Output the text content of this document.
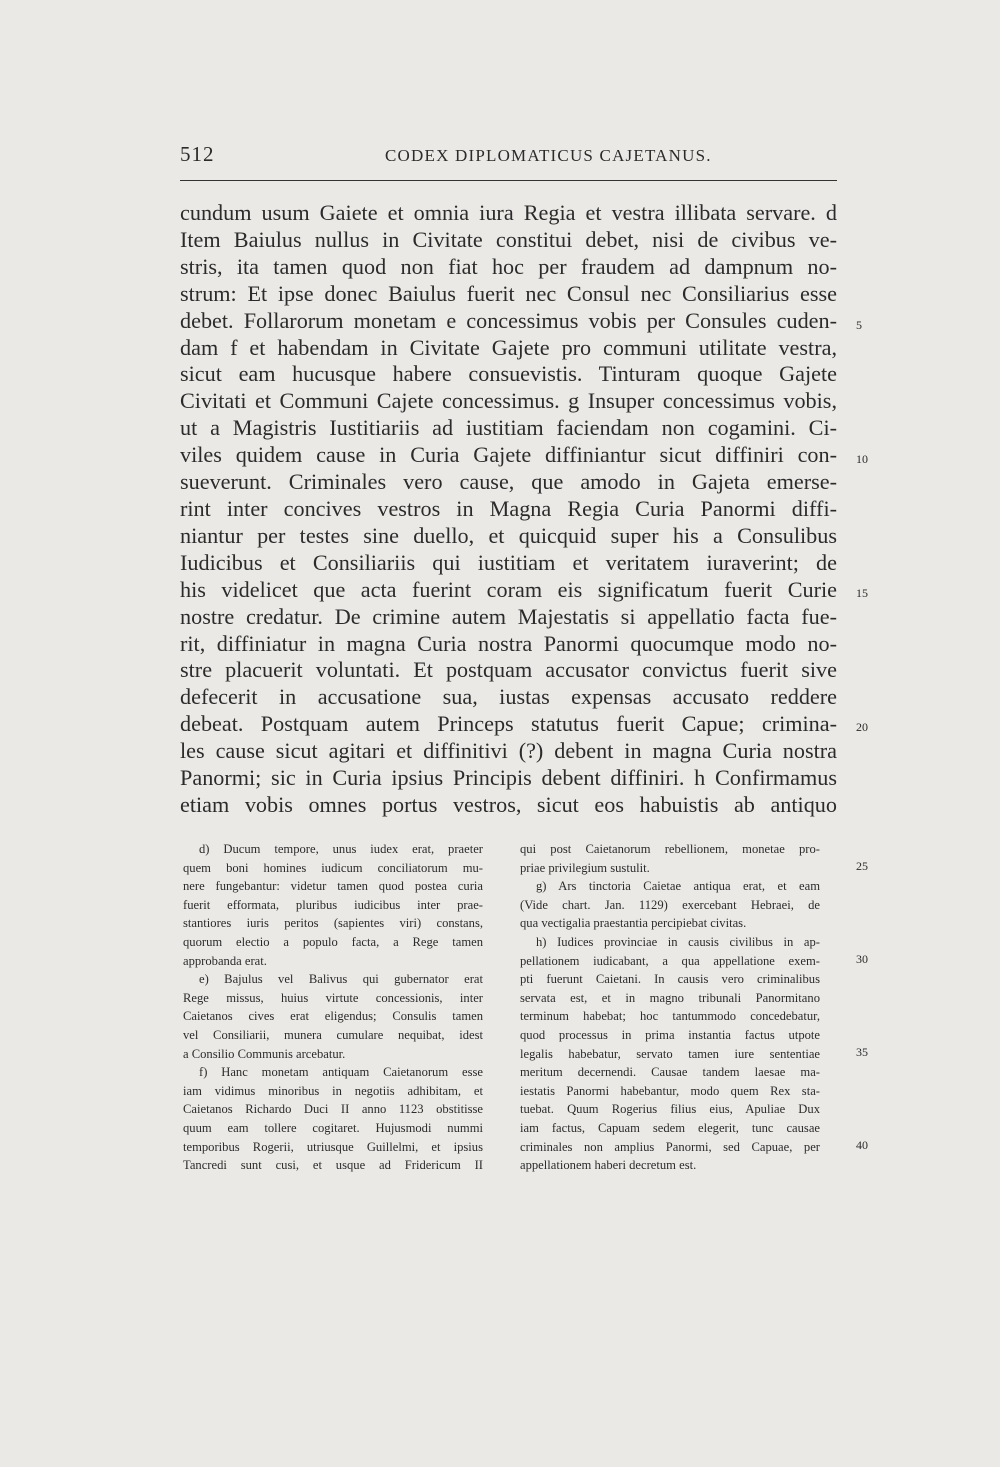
512	CODEX DIPLOMATICUS CAJETANUS.
cundum usum Gaiete et omnia iura Regia et vestra illibata servare. d
Item Baiulus nullus in Civitate constitui debet, nisi de civibus ve-
stris, ita tamen quod non fiat hoc per fraudem ad dampnum no-
strum: Et ipse donec Baiulus fuerit nec Consul nec Consiliarius esse
debet. Follarorum monetam e concessimus vobis per Consules cuden-
dam f et habendam in Civitate Gajete pro communi utilitate vestra,
sicut eam hucusque habere consuevistis. Tinturam quoque Gajete
Civitati et Communi Cajete concessimus. g Insuper concessimus vobis,
ut a Magistris Iustitiariis ad iustitiam faciendam non cogamini. Ci-
viles quidem cause in Curia Gajete diffiniantur sicut diffiniri con-
sueverunt. Criminales vero cause, que amodo in Gajeta emerse-
rint inter concives vestros in Magna Regia Curia Panormi diffi-
niantur per testes sine duello, et quicquid super his a Consulibus
Iudicibus et Consiliariis qui iustitiam et veritatem iuraverint; de
his videlicet que acta fuerint coram eis significatum fuerit Curie
nostre credatur. De crimine autem Majestatis si appellatio facta fue-
rit, diffiniatur in magna Curia nostra Panormi quocumque modo no-
stre placuerit voluntati. Et postquam accusator convictus fuerit sive
defecerit in accusatione sua, iustas expensas accusato reddere
debeat. Postquam autem Princeps statutus fuerit Capue; crimina-
les cause sicut agitari et diffinitivi (?) debent in magna Curia nostra
Panormi; sic in Curia ipsius Principis debent diffiniri. h Confirmamus
etiam vobis omnes portus vestros, sicut eos habuistis ab antiquo
5
10
15
20
25
30
35
40
d) Ducum tempore, unus iudex erat, praeter
quem boni homines iudicum conciliatorum mu-
nere fungebantur: videtur tamen quod postea curia
fuerit efformata, pluribus iudicibus inter prae-
stantiores iuris peritos (sapientes viri) constans,
quorum electio a populo facta, a Rege tamen
approbanda erat.
e) Bajulus vel Balivus qui gubernator erat
Rege missus, huius virtute concessionis, inter
Caietanos cives erat eligendus; Consulis tamen
vel Consiliarii, munera cumulare nequibat, idest
a Consilio Communis arcebatur.
f) Hanc monetam antiquam Caietanorum esse
iam vidimus minoribus in negotiis adhibitam, et
Caietanos Richardo Duci II anno 1123 obstitisse
quum eam tollere cogitaret. Hujusmodi nummi
temporibus Rogerii, utriusque Guillelmi, et ipsius
Tancredi sunt cusi, et usque ad Fridericum II
qui post Caietanorum rebellionem, monetae pro-
priae privilegium sustulit.
g) Ars tinctoria Caietae antiqua erat, et eam
(Vide chart. Jan. 1129) exercebant Hebraei, de
qua vectigalia praestantia percipiebat civitas.
h) Iudices provinciae in causis civilibus in ap-
pellationem iudicabant, a qua appellatione exem-
pti fuerunt Caietani. In causis vero criminalibus
servata est, et in magno tribunali Panormitano
terminum habebat; hoc tantummodo concedebatur,
quod processus in prima instantia factus utpote
legalis habebatur, servato tamen iure sententiae
meritum decernendi. Causae tandem laesae ma-
iestatis Panormi habebantur, modo quem Rex sta-
tuebat. Quum Rogerius filius eius, Apuliae Dux
iam factus, Capuam sedem elegerit, tunc causae
criminales non amplius Panormi, sed Capuae, per
appellationem haberi decretum est.
